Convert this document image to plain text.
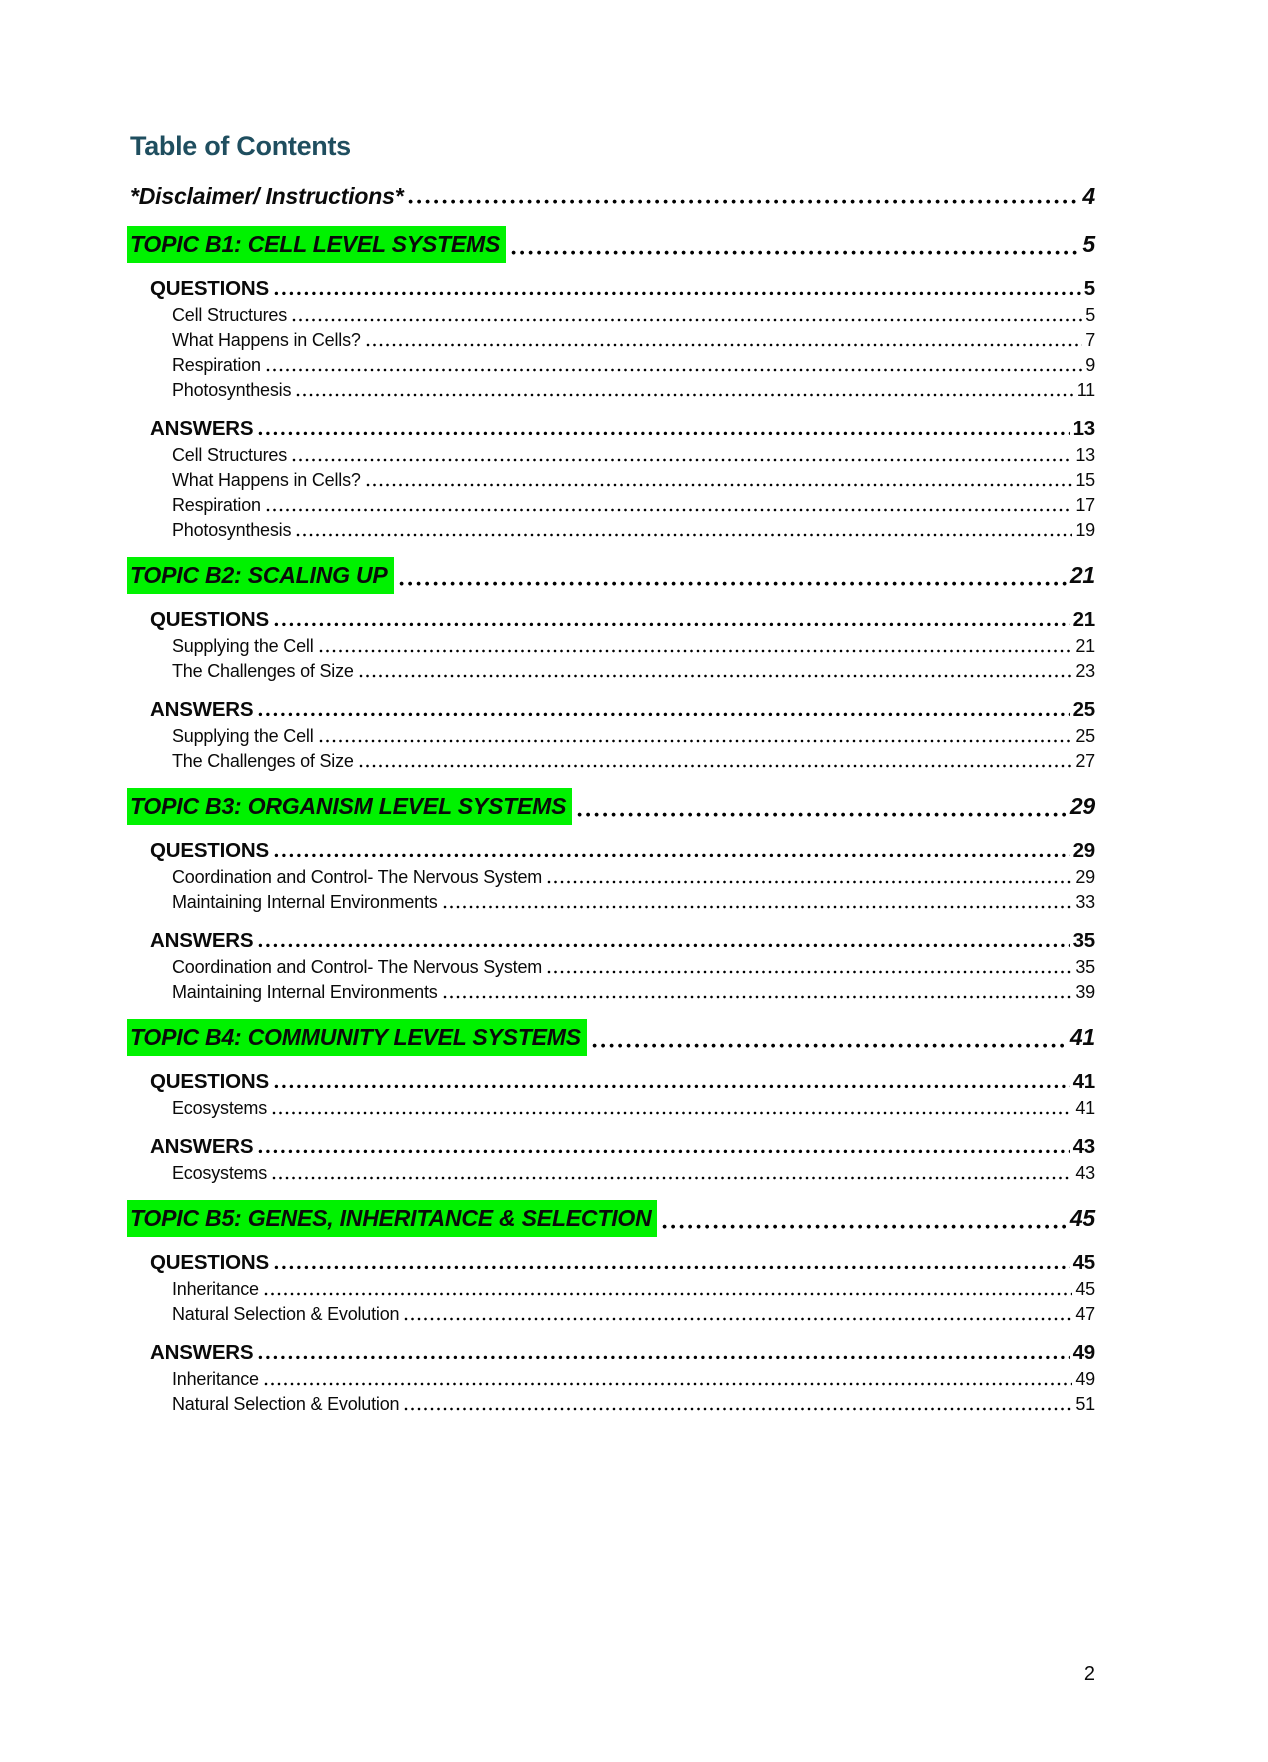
Table of Contents
*Disclaimer/ Instructions*	4
TOPIC B1: CELL LEVEL SYSTEMS	5
QUESTIONS	5
Cell Structures	5
What Happens in Cells?	7
Respiration	9
Photosynthesis	11
ANSWERS	13
Cell Structures	13
What Happens in Cells?	15
Respiration	17
Photosynthesis	19
TOPIC B2: SCALING UP	21
QUESTIONS	21
Supplying the Cell	21
The Challenges of Size	23
ANSWERS	25
Supplying the Cell	25
The Challenges of Size	27
TOPIC B3: ORGANISM LEVEL SYSTEMS	29
QUESTIONS	29
Coordination and Control- The Nervous System	29
Maintaining Internal Environments	33
ANSWERS	35
Coordination and Control- The Nervous System	35
Maintaining Internal Environments	39
TOPIC B4: COMMUNITY LEVEL SYSTEMS	41
QUESTIONS	41
Ecosystems	41
ANSWERS	43
Ecosystems	43
TOPIC B5: GENES, INHERITANCE & SELECTION	45
QUESTIONS	45
Inheritance	45
Natural Selection & Evolution	47
ANSWERS	49
Inheritance	49
Natural Selection & Evolution	51
2
